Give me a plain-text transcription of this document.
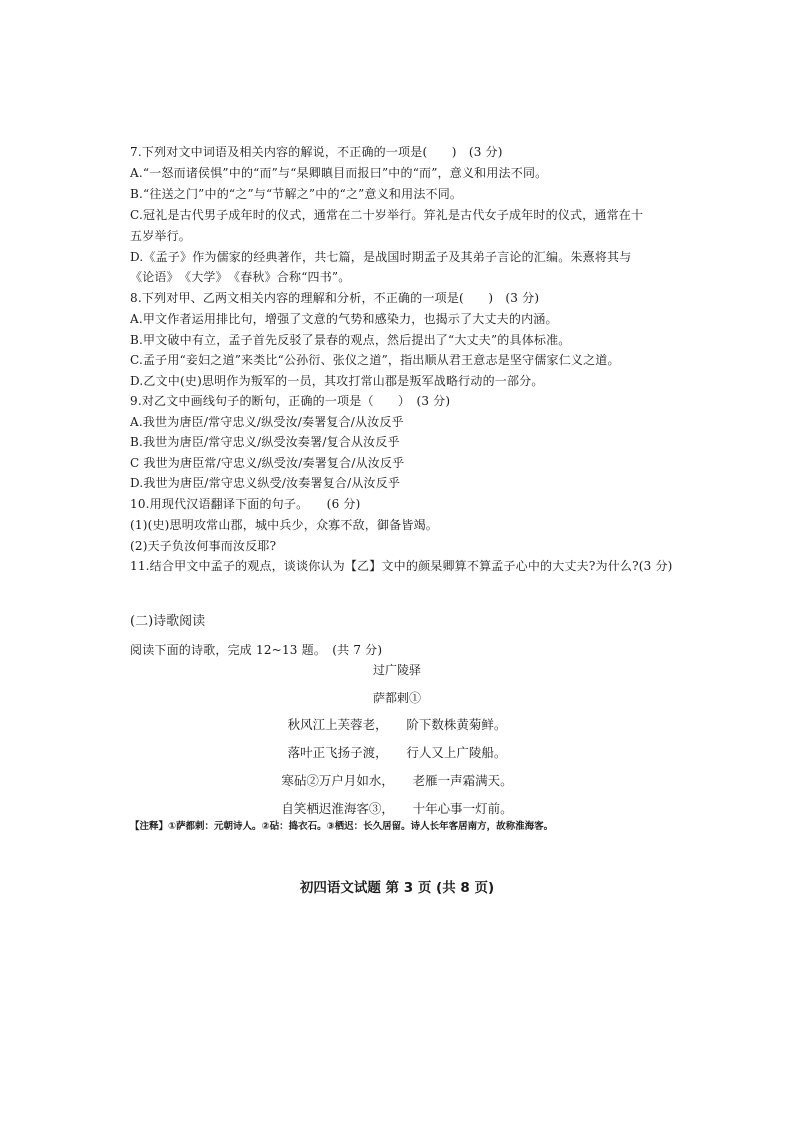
7.下列对文中词语及相关内容的解说，不正确的一项是(　　)　(3 分)
A.“一怒而诸侯惧”中的“而”与“杲卿瞋目而报曰”中的“而”，意义和用法不同。
B.“往送之门”中的“之”与“节解之”中的“之”意义和用法不同。
C.冠礼是古代男子成年时的仪式，通常在二十岁举行。笄礼是古代女子成年时的仪式，通常在十
五岁举行。
D.《孟子》作为儒家的经典著作，共七篇，是战国时期孟子及其弟子言论的汇编。朱熹将其与
《论语》　《大学》　《春秋》合称“四书”。
8.下列对甲、乙两文相关内容的理解和分析，不正确的一项是(　　)　(3 分)
A.甲文作者运用排比句，增强了文意的气势和感染力，也揭示了大丈夫的内涵。
B.甲文破中有立，孟子首先反驳了景春的观点，然后提出了“大丈夫”的具体标准。
C.孟子用“妾妇之道”来类比“公孙衍、张仪之道”，指出顺从君王意志是坚守儒家仁义之道。
D.乙文中(史)思明作为叛军的一员，其攻打常山郡是叛军战略行动的一部分。
9.对乙文中画线句子的断句，正确的一项是（　　）　(3 分)
A.我世为唐臣/常守忠义/纵受汝/奏署复合/从汝反乎
B.我世为唐臣/常守忠义/纵受汝奏署/复合从汝反乎
C 我世为唐臣常/守忠义/纵受汝/奏署复合/从汝反乎
D.我世为唐臣/常守忠义纵受/汝奏署复合/从汝反乎
10.用现代汉语翻译下面的句子。　　(6 分)
(1)(史)思明攻常山郡，城中兵少，众寡不敌，御备皆竭。
(2)天子负汝何事而汝反耶?
11.结合甲文中孟子的观点，谈谈你认为【乙】文中的颜杲卿算不算孟子心中的大丈夫?为什么?(3 分)
(二)诗歌阅读
阅读下面的诗歌，完成 12~13 题。　(共 7 分)
过广陵驿
萨都剌①
秋风江上芙蓉老，　　阶下数株黄菊鲜。
落叶正飞扬子渡，　　行人又上广陵船。
寒砧②万户月如水，　　老雁一声霜满天。
自笑栖迟淮海客③，　　十年心事一灯前。
【注释】①萨都剌：元朝诗人。②砧：捣衣石。③栖迟：长久居留。诗人长年客居南方，故称淮海客。
初四语文试题 第 3 页 (共 8 页)
